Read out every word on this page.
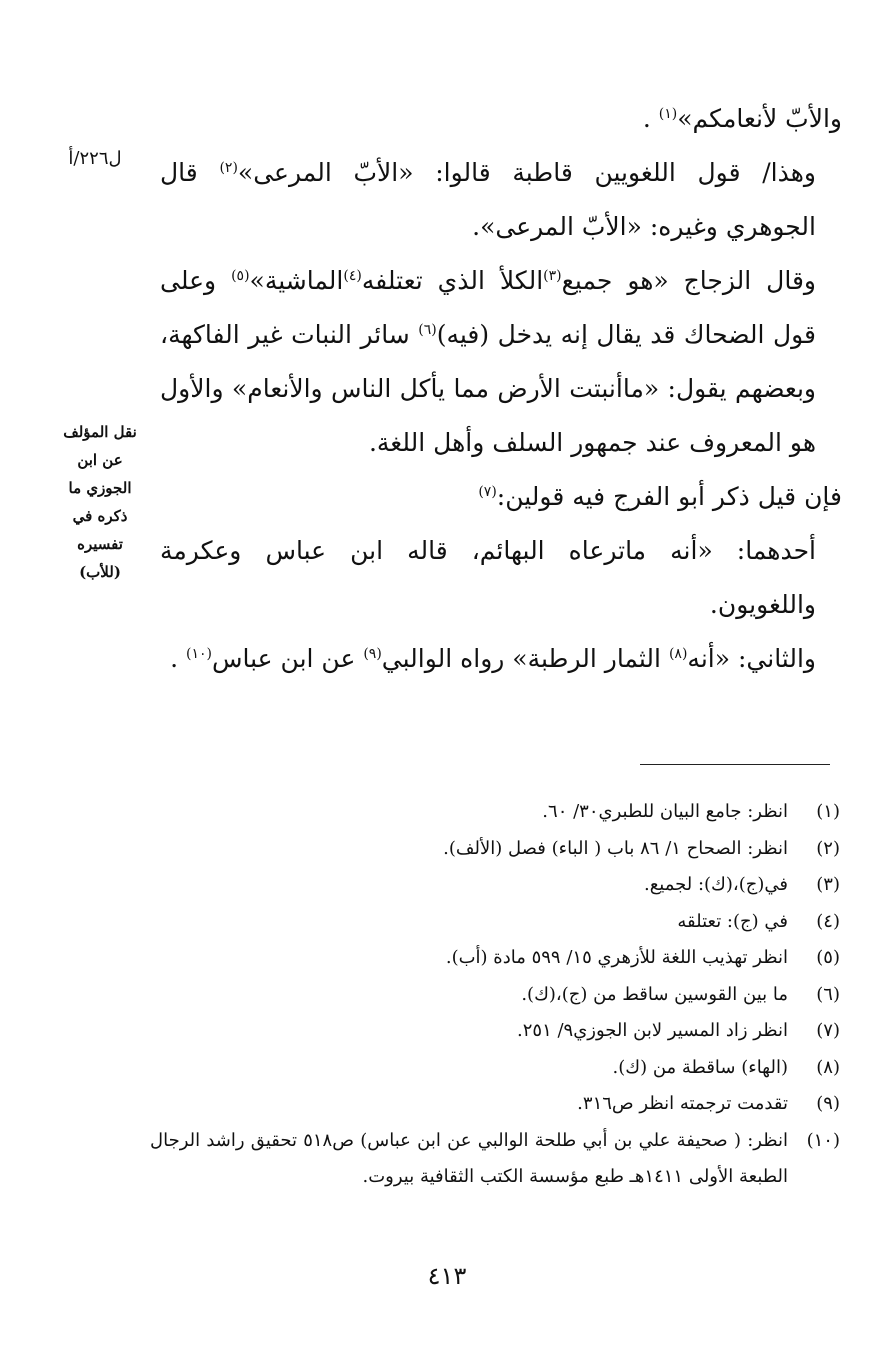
والأبّ لأنعامكم»$^{(١)}$ .

وهذا/ قول اللغويين قاطبة قالوا: «الأبّ المرعى»$^{(٢)}$ قال الجوهري وغيره: «الأبّ المرعى».

وقال الزجاج «هو جميع$^{(٣)}$الكلأ الذي تعتلفه$^{(٤)}$الماشية»$^{(٥)}$ وعلى قول الضحاك قد يقال إنه يدخل (فيه)$^{(٦)}$ سائر النبات غير الفاكهة، وبعضهم يقول: «ماأنبتت الأرض مما يأكل الناس والأنعام» والأول هو المعروف عند جمهور السلف وأهل اللغة.

فإن قيل ذكر أبو الفرج فيه قولين:$^{(٧)}$

أحدهما: «أنه ماترعاه البهائم، قاله ابن عباس وعكرمة واللغويون.

والثاني: «أنه$^{(٨)}$ الثمار الرطبة» رواه الوالبي$^{(٩)}$ عن ابن عباس$^{(١٠)}$ .

ل٢٢٦/أ
نقل المؤلف
عن ابن
الجوزي ما
ذكره في
تفسيره
(للأب)
(١)
انظر: جامع البيان للطبري٣٠/ ٦٠.
(٢)
انظر: الصحاح ١/ ٨٦ باب ( الباء) فصل (الألف).
(٣)
في(ج)،(ك): لجميع.
(٤)
في (ج): تعتلقه
(٥)
انظر تهذيب اللغة للأزهري ١٥/ ٥٩٩ مادة (أب).
(٦)
ما بين القوسين ساقط من (ج)،(ك).
(٧)
انظر زاد المسير لابن الجوزي٩/ ٢٥١.
(٨)
(الهاء) ساقطة من (ك).
(٩)
تقدمت ترجمته انظر ص٣١٦.
(١٠)
انظر: ( صحيفة علي بن أبي طلحة الوالبي عن ابن عباس) ص٥١٨ تحقيق راشد الرجال الطبعة الأولى ١٤١١هـ طبع مؤسسة الكتب الثقافية بيروت.
٤١٣
